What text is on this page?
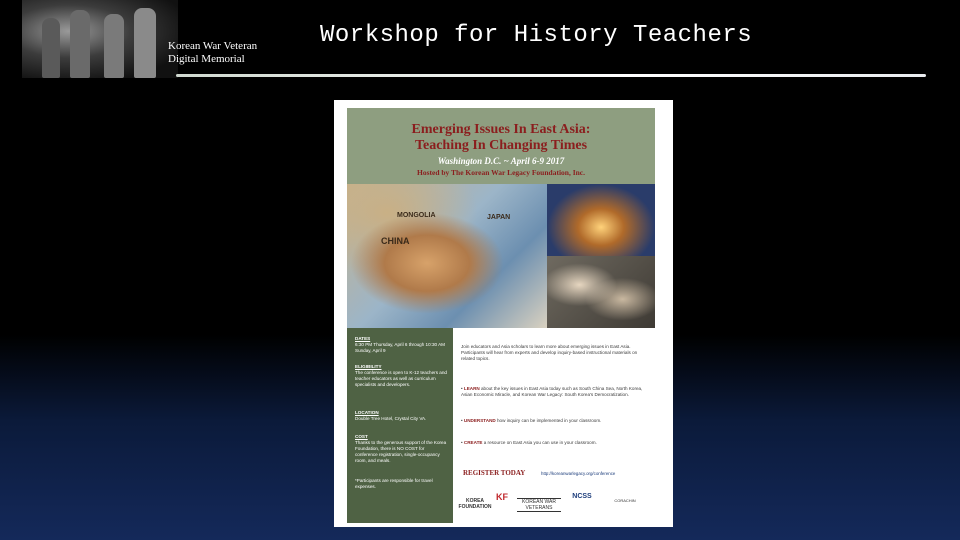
Korean War Veteran
Digital Memorial
Workshop for History Teachers
Emerging Issues In East Asia:
Teaching In Changing Times
Washington D.C. ~ April 6-9 2017
Hosted by The Korean War Legacy Foundation, Inc.
MONGOLIA
CHINA
JAPAN
DATES
6:30 PM Thursday, April 6 through 10:30 AM Sunday, April 9
ELIGIBILITY
The conference is open to K-12 teachers and teacher educators as well as curriculum specialists and developers.
LOCATION
Double Tree Hotel, Crystal City VA.
COST
Thanks to the generous support of the Korea Foundation, there is NO COST for conference registration, single-occupancy room, and meals.
*Participants are responsible for travel expenses.
Join educators and Asia scholars to learn more about emerging issues in East Asia. Participants will hear from experts and develop inquiry-based instructional materials on related topics.
• LEARN about the key issues in East Asia today such as South China Sea, North Korea, Asian Economic Miracle, and Korean War Legacy: South Korea's Democratization.
• UNDERSTAND how inquiry can be implemented in your classroom.
• CREATE a resource on East Asia you can use in your classroom.
REGISTER TODAY	http://koreanwarlegacy.org/conference
KOREA FOUNDATION
KF	KOREAN WAR VETERANS
NCSS
CORACHIN
